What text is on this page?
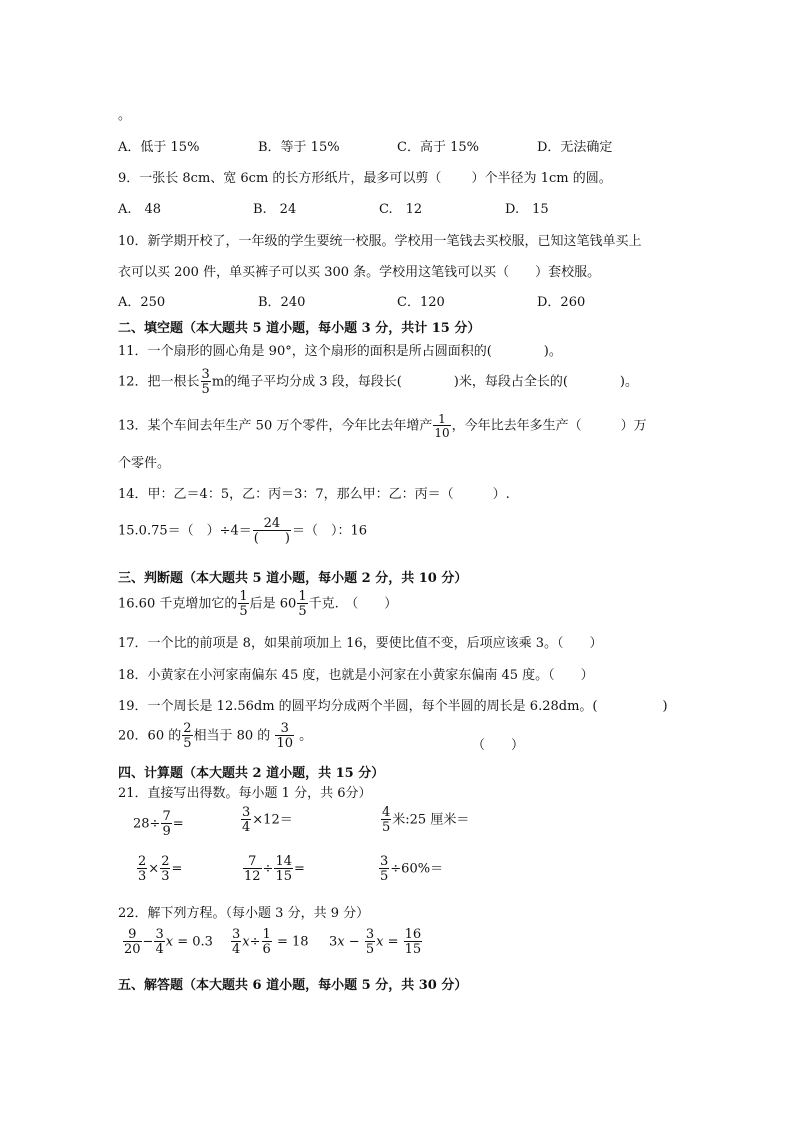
。
A．低于 15%	B．等于 15%	C．高于 15%	D．无法确定
9．一张长 8cm、宽 6cm 的长方形纸片，最多可以剪（　　 ）个半径为 1cm 的圆。
A.　48	B.　24	C.　12	D.　15
10．新学期开校了，一年级的学生要统一校服。学校用一笔钱去买校服，已知这笔钱单买上
衣可以买 200 件，单买裤子可以买 300 条。学校用这笔钱可以买（　　）套校服。
A．250	B．240	C．120	D．260
二、填空题（本大题共 5 道小题，每小题 3 分，共计 15 分）
11．一个扇形的圆心角是 90°，这个扇形的面积是所占圆面积的(　　　　)。
12．把一根长 $\frac{3}{5}$ m的绳子平均分成 3 段，每段长(　　　　)米，每段占全长的(　　　　)。
13．某个车间去年生产 50 万个零件，今年比去年增产 $\frac{1}{10}$ ，今年比去年多生产（　　　）万
个零件。
14．甲：乙＝4：5，乙：丙＝3：7，那么甲：乙：丙＝（　　　）.
15.0.75＝（　）$\div 4= \frac{24}{( )}$ ＝（　）：16
三、判断题（本大题共 5 道小题，每小题 2 分，共 10 分）
16.60 千克增加它的 $\frac{1}{5}$ 后是 $60 \frac{1}{5}$ 千克.　（　　）
17．一个比的前项是 8，如果前项加上 16，要使比值不变，后项应该乘 3。（　　）
18．小黄家在小河家南偏东 45 度，也就是小河家在小黄家东偏南 45 度。（　　）
19．一个周长是 12.56dm 的圆平均分成两个半圆，每个半圆的周长是 6.28dm。(　　　　　)
20．60 的 $\frac{2}{5}$ 相当于 80 的 $\frac{3}{10}$ 。
（　　）
四、计算题（本大题共 2 道小题，共 15 分）
21．直接写出得数。每小题 1 分，共 6分）
$28\div \frac{7}{9}$ =	$\frac{3}{4} \times 12=$	$\frac{4}{5}$ 米:25 厘米＝
$\frac{2}{3} \times \frac{2}{3}$ =	$\frac{7}{12} \div \frac{14}{15}$ =	$\frac{3}{5} \div 60\%=$
22．解下列方程。（每小题 3 分，共 9 分）
$\frac{9}{20} - \frac{3}{4}$ $x = 0.3 \frac{3}{4} x\div \frac{1}{6} = 18$ $3x - \frac{3}{5}$ $x = \frac{16}{15}$
五、解答题（本大题共 6 道小题，每小题 5 分，共 30 分）
